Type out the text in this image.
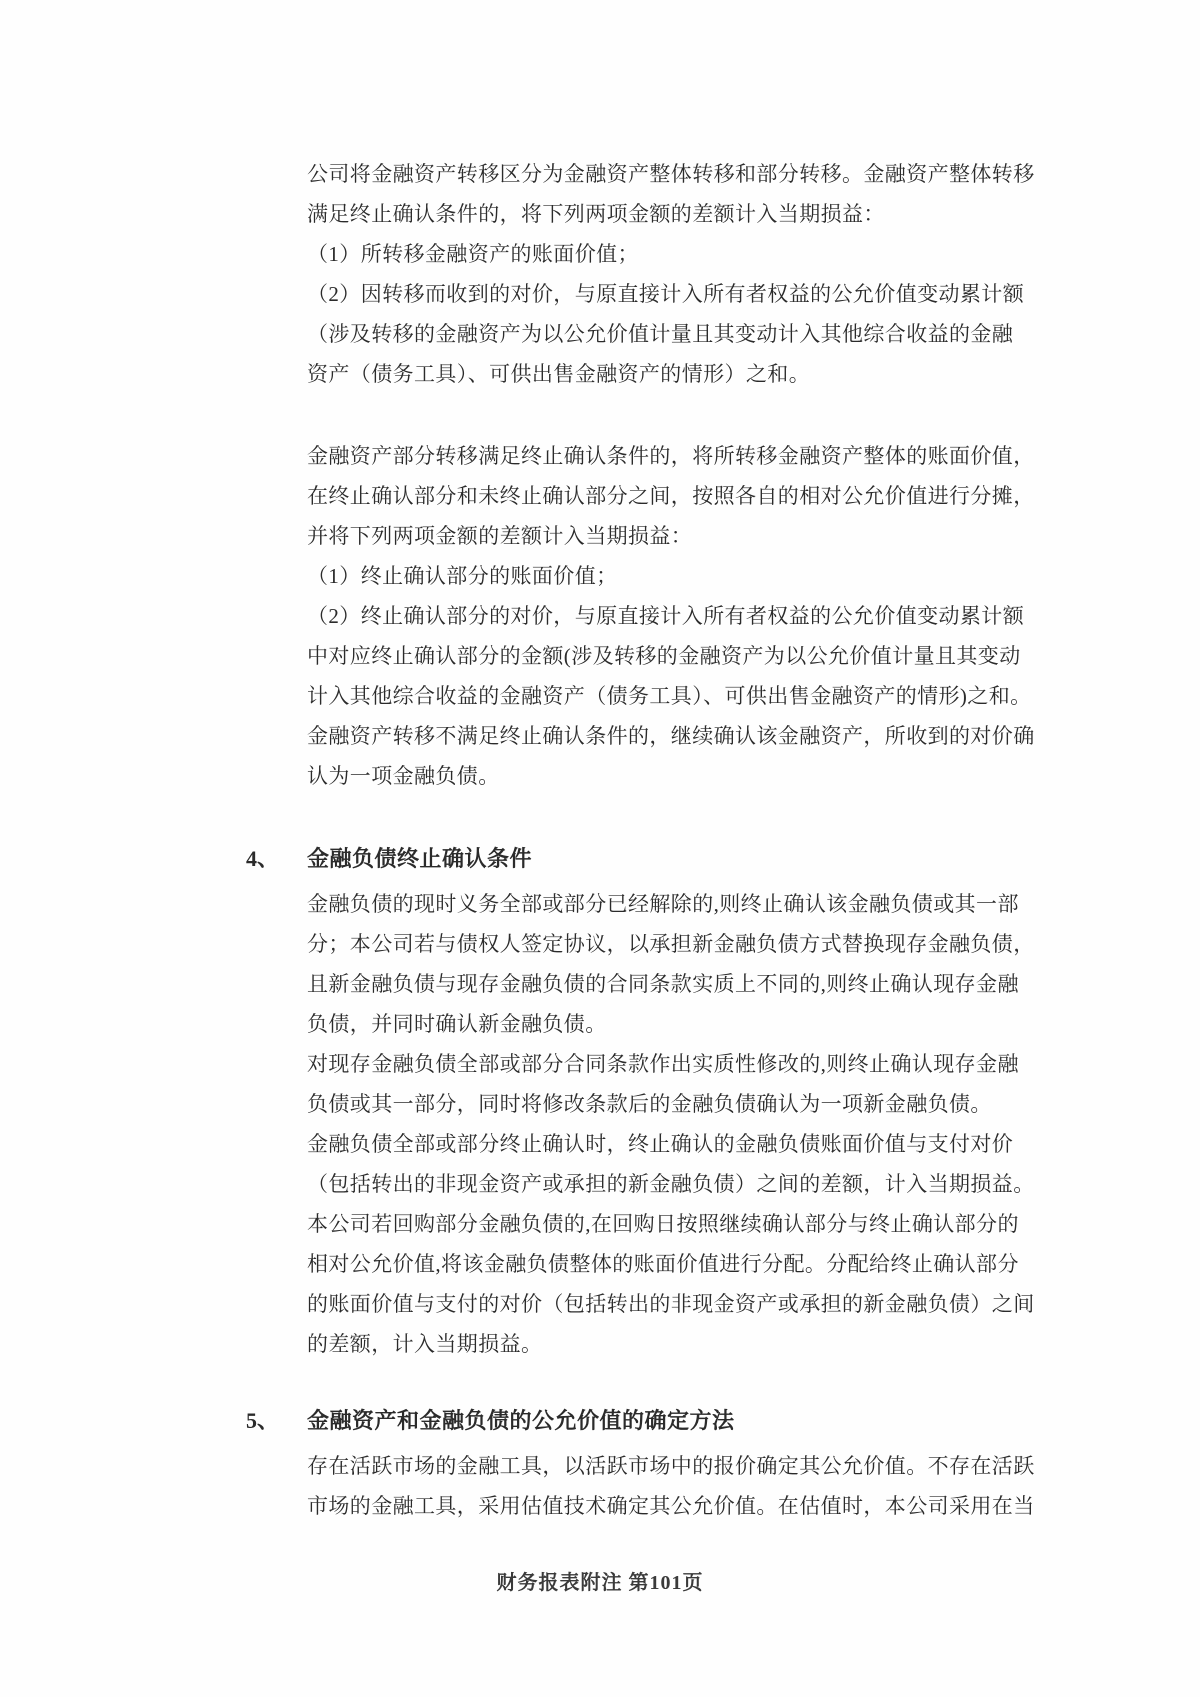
公司将金融资产转移区分为金融资产整体转移和部分转移。金融资产整体转移
满足终止确认条件的，将下列两项金额的差额计入当期损益：
（1）所转移金融资产的账面价值；
（2）因转移而收到的对价，与原直接计入所有者权益的公允价值变动累计额
（涉及转移的金融资产为以公允价值计量且其变动计入其他综合收益的金融
资产（债务工具）、可供出售金融资产的情形）之和。
金融资产部分转移满足终止确认条件的，将所转移金融资产整体的账面价值，
在终止确认部分和未终止确认部分之间，按照各自的相对公允价值进行分摊，
并将下列两项金额的差额计入当期损益：
（1）终止确认部分的账面价值；
（2）终止确认部分的对价，与原直接计入所有者权益的公允价值变动累计额
中对应终止确认部分的金额(涉及转移的金融资产为以公允价值计量且其变动
计入其他综合收益的金融资产（债务工具）、可供出售金融资产的情形)之和。
金融资产转移不满足终止确认条件的，继续确认该金融资产，所收到的对价确
认为一项金融负债。
4、	金融负债终止确认条件
金融负债的现时义务全部或部分已经解除的,则终止确认该金融负债或其一部
分；本公司若与债权人签定协议，以承担新金融负债方式替换现存金融负债，
且新金融负债与现存金融负债的合同条款实质上不同的,则终止确认现存金融
负债，并同时确认新金融负债。
对现存金融负债全部或部分合同条款作出实质性修改的,则终止确认现存金融
负债或其一部分，同时将修改条款后的金融负债确认为一项新金融负债。
金融负债全部或部分终止确认时，终止确认的金融负债账面价值与支付对价
（包括转出的非现金资产或承担的新金融负债）之间的差额，计入当期损益。
本公司若回购部分金融负债的,在回购日按照继续确认部分与终止确认部分的
相对公允价值,将该金融负债整体的账面价值进行分配。分配给终止确认部分
的账面价值与支付的对价（包括转出的非现金资产或承担的新金融负债）之间
的差额，计入当期损益。
5、	金融资产和金融负债的公允价值的确定方法
存在活跃市场的金融工具，以活跃市场中的报价确定其公允价值。不存在活跃
市场的金融工具，采用估值技术确定其公允价值。在估值时，本公司采用在当
财务报表附注 第101页
